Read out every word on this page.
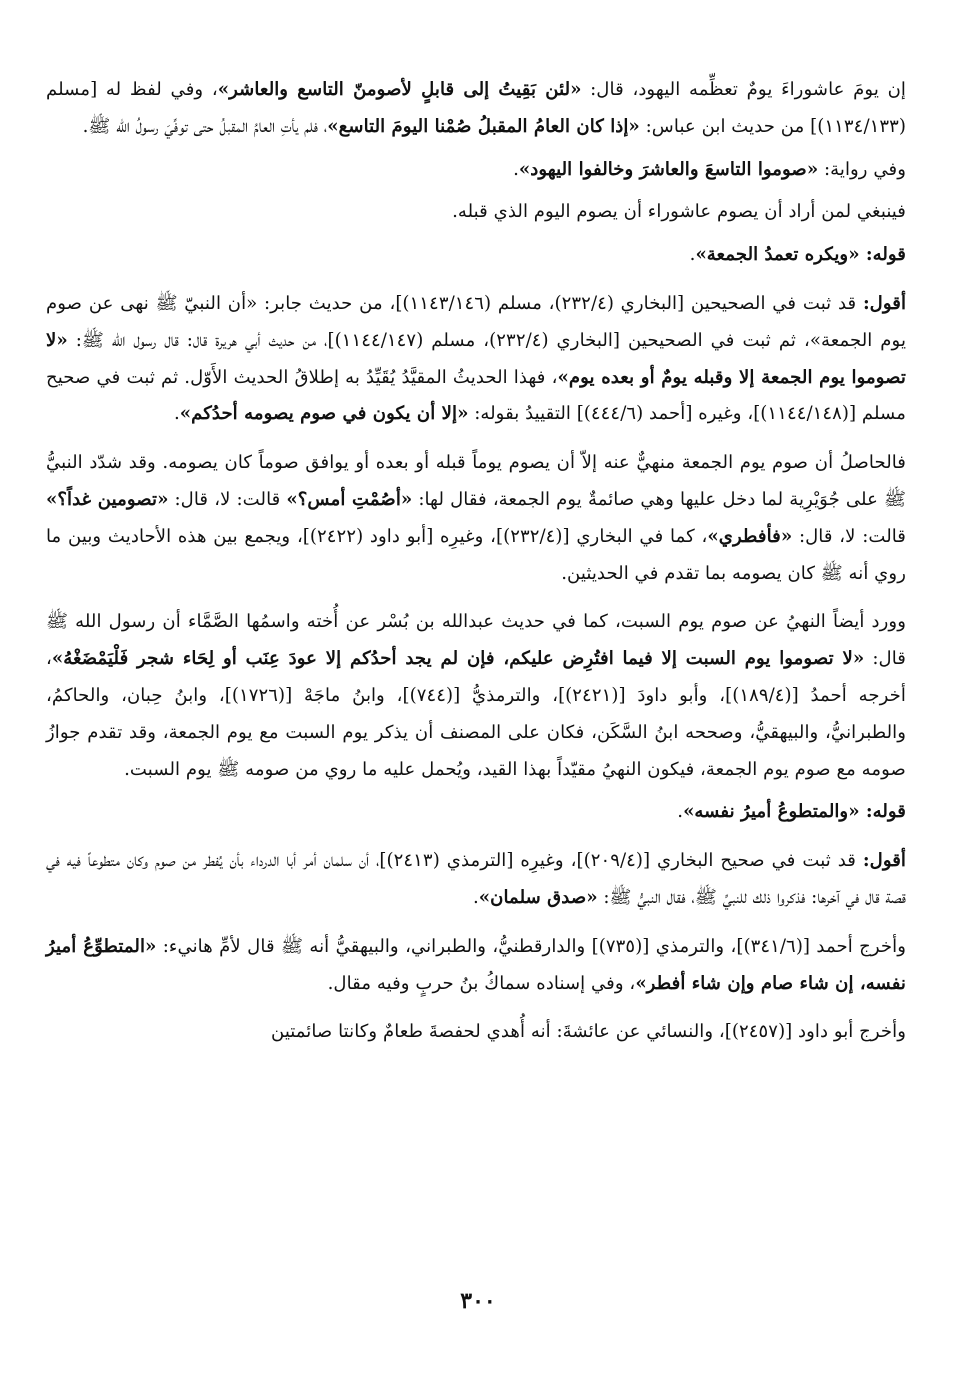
إن يومَ عاشوراءَ يومٌ تعظِّمه اليهود، قال: «لئن بَقِيتُ إلى قابلٍ لأصومنّ التاسع والعاشر»، وفي لفظ له [مسلم (١١٣٤/١٣٣)] من حديث ابن عباس: «إذا كان العامُ المقبلُ صُمْنا اليومَ التاسع»، فلم يأتِ العامُ المقبلُ حتى توفِّيَ رسولُ الله ﷺ.

وفي رواية: «صوموا التاسعَ والعاشرَ وخالفوا اليهود».

فينبغي لمن أراد أن يصوم عاشوراء أن يصوم اليوم الذي قبله.

قوله: «ويكره تعمدُ الجمعة».

أقول: قد ثبت في الصحيحين [البخاري (٢٣٢/٤)، مسلم (١١٤٣/١٤٦)]، من حديث جابر: «أن النبيّ ﷺ نهى عن صوم يوم الجمعة»، ثم ثبت في الصحيحين [البخاري (٢٣٢/٤)، مسلم (١١٤٤/١٤٧)]، من حديث أبي هريرة قال: قال رسول الله ﷺ: «لا تصوموا يوم الجمعة إلا وقبله يومٌ أو بعده يوم»، فهذا الحديثُ المقيَّدُ يُقَيِّدُ به إطلاقُ الحديث الأَوّل. ثم ثبت في صحيح مسلم [(١١٤٤/١٤٨)]، وغيره [أحمد (٤٤٤/٦)] التقييدُ بقوله: «إلا أن يكون في صوم يصومه أحدُكم».

فالحاصلُ أن صوم يوم الجمعة منهيٌّ عنه إلاّ أن يصوم يوماً قبله أو بعده أو يوافق صوماً كان يصومه. وقد شدّد النبيُّ ﷺ على جُوَيْرِية لما دخل عليها وهي صائمةٌ يوم الجمعة، فقال لها: «أصُمْتِ أمس؟» قالت: لا، قال: «تصومين غداً؟» قالت: لا، قال: «فأفطري»، كما في البخاري [(٢٣٢/٤)]، وغيرِه [أبو داود (٢٤٢٢)]، ويجمع بين هذه الأحاديث وبين ما روي أنه ﷺ كان يصومه بما تقدم في الحديثين.

وورد أيضاً النهيُ عن صوم يوم السبت، كما في حديث عبدالله بن بُسْر عن أُخته واسمُها الصَّمَّاء أن رسول الله ﷺ قال: «لا تصوموا يوم السبت إلا فيما افتُرِض عليكم، فإن لم يجد أحدُكم إلا عودَ عِنَب أو لِحَاء شجر فَلْيَمْضَغْهُ»، أخرجه أحمدُ [(١٨٩/٤)]، وأبو داودَ [(٢٤٢١)]، والترمذيُّ [(٧٤٤)]، وابنُ ماجَهْ [(١٧٢٦)]، وابنُ حِبان، والحاكمُ، والطبرانيُّ، والبيهقيُّ، وصححه ابنُ السَّكَن، فكان على المصنف أن يذكر يوم السبت مع يوم الجمعة، وقد تقدم جوازُ صومه مع صوم يوم الجمعة، فيكون النهيُ مقيّداً بهذا القيد، ويُحمل عليه ما روي من صومه ﷺ يوم السبت.

قوله: «والمتطوعُ أميرُ نفسه».

أقول: قد ثبت في صحيح البخاري [(٢٠٩/٤)]، وغيرِه [الترمذي (٢٤١٣)]، أن سلمان أمر أبا الدرداء بأن يُفطر من صوم وكان متطوعاً فيه في قصة قال في آخرها: فذكروا ذلك للنبيِّ ﷺ، فقال النبيُّ ﷺ: «صدق سلمان».

وأخرج أحمد [(٣٤١/٦)]، والترمذي [(٧٣٥)] والدارقطنيُّ، والطبراني، والبيهقيُّ أنه ﷺ قال لأمِّ هانيء: «المتطوِّعُ أميرُ نفسه، إن شاء صام وإن شاء أفطر»، وفي إسناده سماكُ بنُ حربٍ وفيه مقال.

وأخرج أبو داود [(٢٤٥٧)]، والنسائي عن عائشةَ: أنه أُهدي لحفصةَ طعامٌ وكانتا صائمتين

٣٠٠
